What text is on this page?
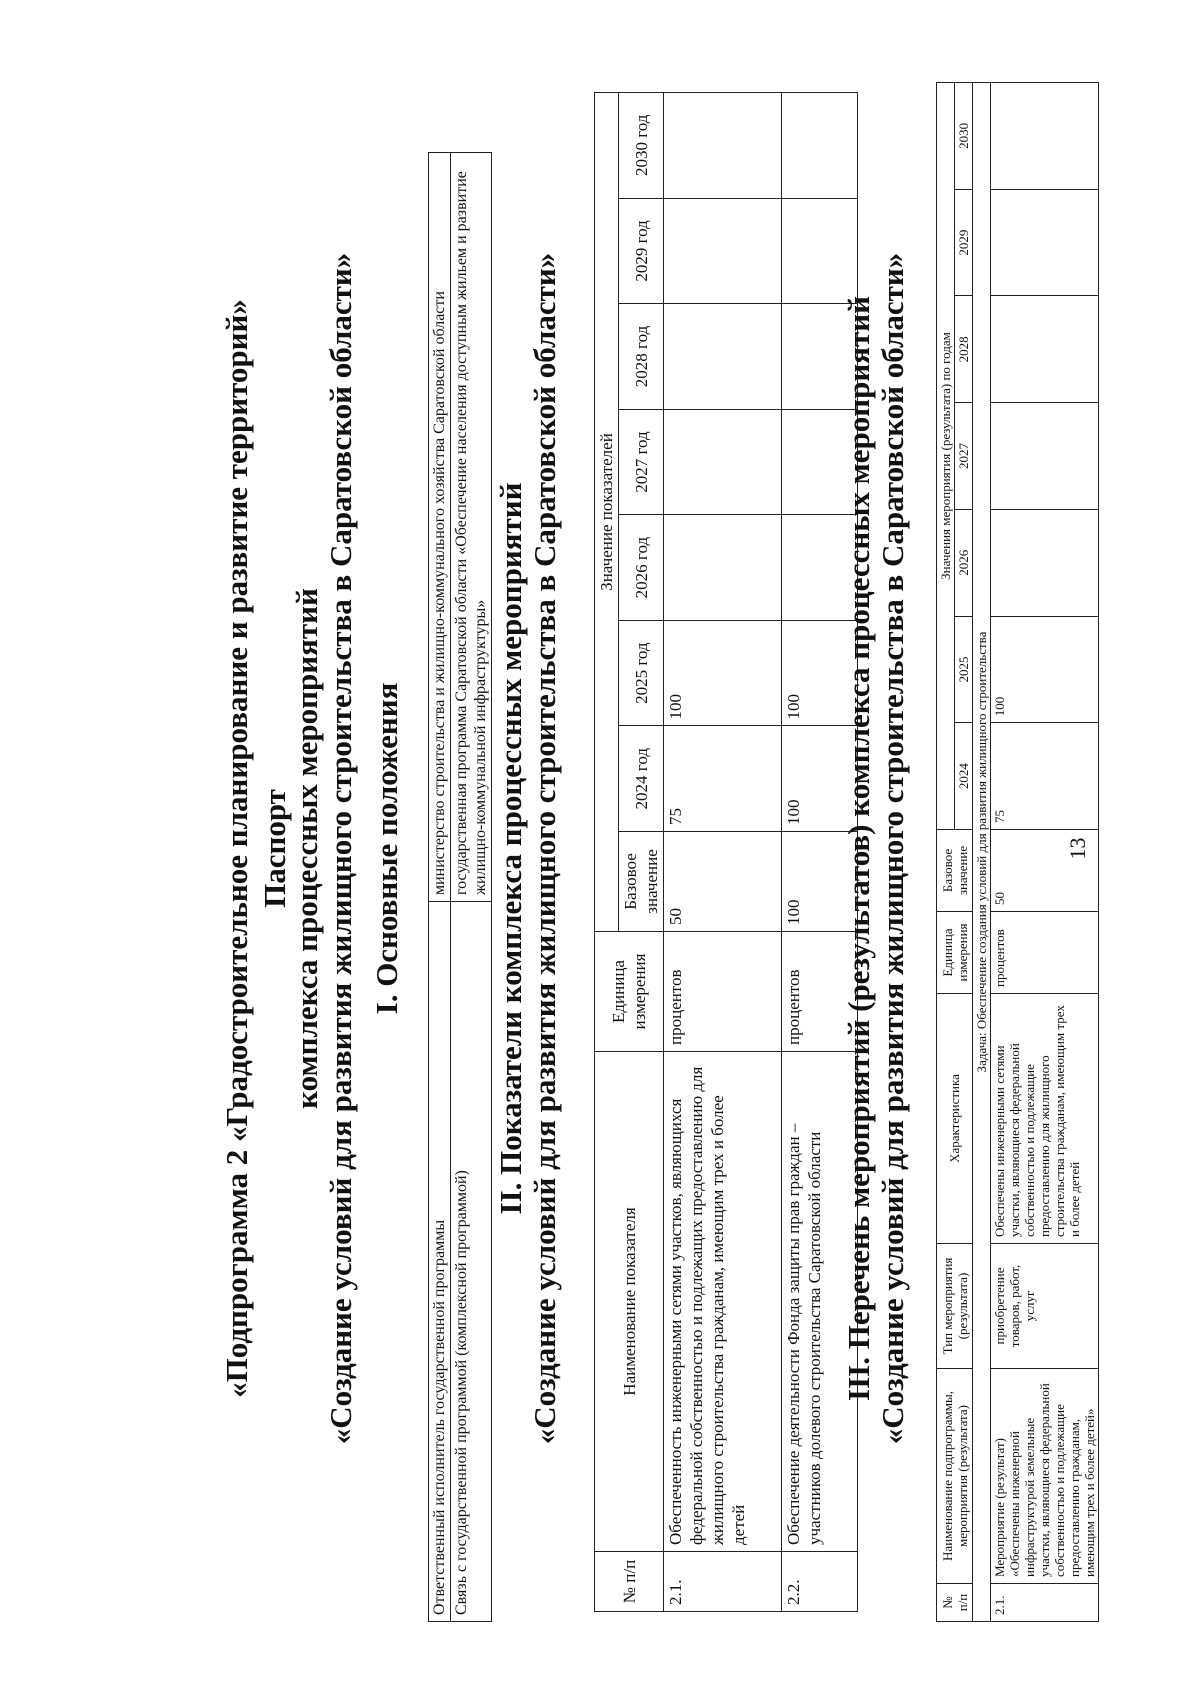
13
«Подпрограмма 2 «Градостроительное планирование и развитие территорий» Паспорт
комплекса процессных мероприятий «Создание условий для развития жилищного строительства в Саратовской области» I. Основные положения
Ответственный исполнитель государственной программы	министерство строительства и жилищно-коммунального хозяйства Саратовской области
Связь с государственной программой (комплексной программой)	государственная программа Саратовской области «Обеспечение населения доступным жильем и развитие жилищно-коммунальной инфраструктуры» II. Показатели комплекса процессных мероприятий «Создание условий для развития жилищного строительства в Саратовской области»
№ п/п	Наименование показателя	Единица измерения	Значение показателей							
			Базовое значение	2024 год	2025 год	2026 год	2027 год	2028 год	2029 год	2030 год
2.1.	Обеспеченность инженерными сетями участков, являющихся федеральной собственностью и подлежащих предоставлению для жилищного строительства гражданам, имеющим трех и более детей	процентов	50	75	100					
2.2.	Обеспечение деятельности Фонда защиты прав граждан – участников долевого строительства Саратовской области	процентов	100	100	100					III. Перечень мероприятий (результатов) комплекса процессных мероприятий «Создание условий для развития жилищного строительства в Саратовской области»
№ п/п	Наименование подпрограммы, мероприятия (результата)	Тип мероприятия (результата)	Характеристика	Единица измерения	Базовое значение	Значения мероприятия (результата) по годам						
						2024	2025	2026	2027	2028	2029	2030
Задача: Обеспечение создания условий для развития жилищного строительства												
2.1.	Мероприятие (результат) «Обеспечены инженерной инфраструктурой земельные участки, являющиеся федеральной собственностью и подлежащие предоставлению гражданам, имеющим трех и более детей»	приобретение товаров, работ, услуг	Обеспечены инженерными сетями участки, являющиеся федеральной собственностью и подлежащие предоставлению для жилищного строительства гражданам, имеющим трех и более детей	процентов	50	75	100					
